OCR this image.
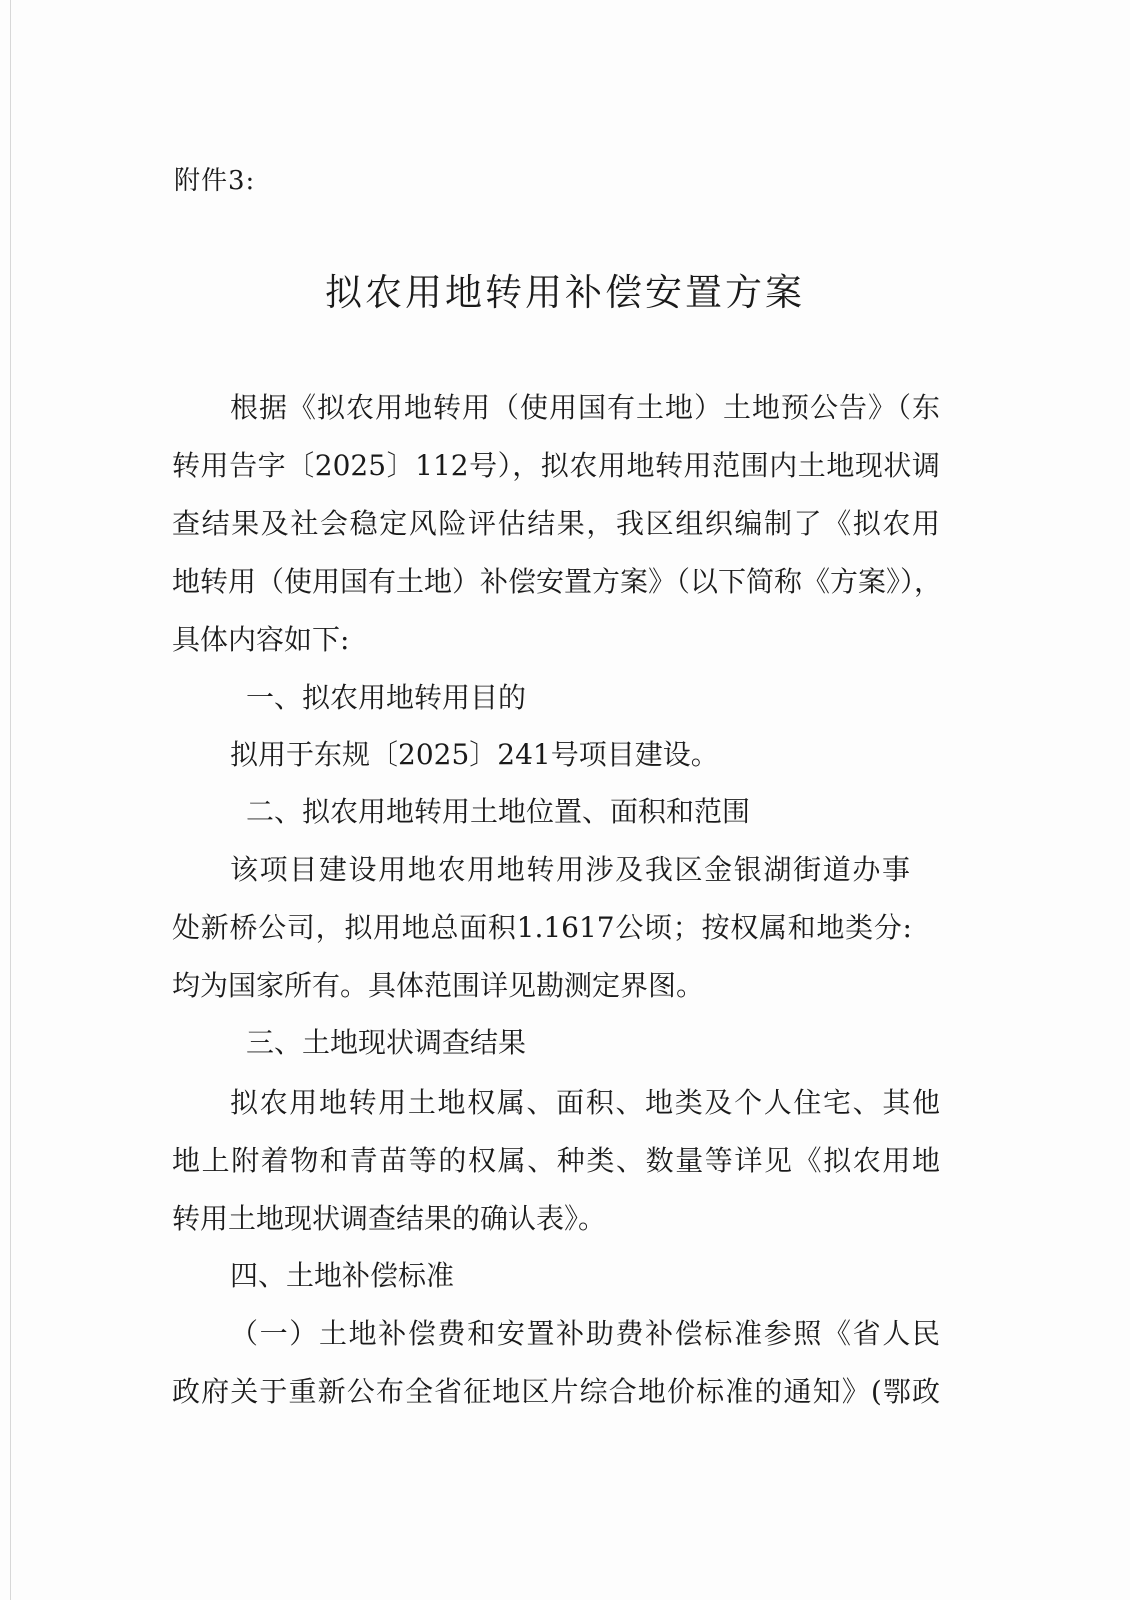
附件3:
拟农用地转用补偿安置方案
根据《拟农用地转用（使用国有土地）土地预公告》（东
转用告字〔2025〕112号），拟农用地转用范围内土地现状调
查结果及社会稳定风险评估结果，我区组织编制了《拟农用
地转用（使用国有土地）补偿安置方案》（以下简称《方案》），
具体内容如下:
一、拟农用地转用目的
拟用于东规〔2025〕241号项目建设。
二、拟农用地转用土地位置、面积和范围
该项目建设用地农用地转用涉及我区金银湖街道办事
处新桥公司，拟用地总面积1.1617公顷；按权属和地类分:
均为国家所有。具体范围详见勘测定界图。
三、土地现状调查结果
拟农用地转用土地权属、面积、地类及个人住宅、其他
地上附着物和青苗等的权属、种类、数量等详见《拟农用地
转用土地现状调查结果的确认表》。
四、土地补偿标准
（一）土地补偿费和安置补助费补偿标准参照《省人民
政府关于重新公布全省征地区片综合地价标准的通知》(鄂政
